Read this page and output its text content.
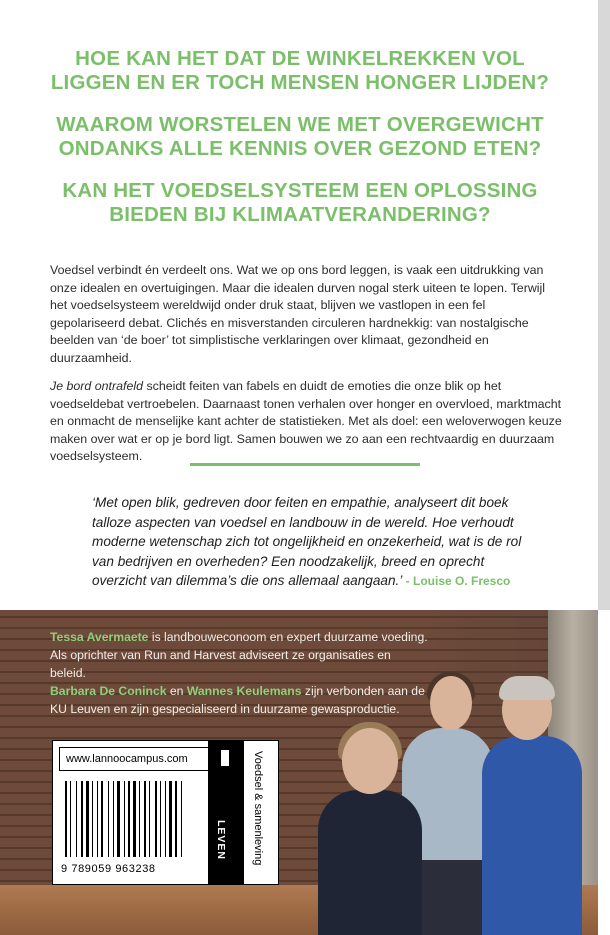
HOE KAN HET DAT DE WINKELREKKEN VOL LIGGEN EN ER TOCH MENSEN HONGER LIJDEN?

WAAROM WORSTELEN WE MET OVERGEWICHT ONDANKS ALLE KENNIS OVER GEZOND ETEN?

KAN HET VOEDSELSYSTEEM EEN OPLOSSING BIEDEN BIJ KLIMAATVERANDERING?

Voedsel verbindt én verdeelt ons. Wat we op ons bord leggen, is vaak een uitdrukking van onze idealen en overtuigingen. Maar die idealen durven nogal sterk uiteen te lopen. Terwijl het voedselsysteem wereldwijd onder druk staat, blijven we vastlopen in een fel gepolariseerd debat. Clichés en misverstanden circuleren hardnekkig: van nostalgische beelden van ‘de boer’ tot simplistische verklaringen over klimaat, gezondheid en duurzaamheid.

Je bord ontrafeld scheidt feiten van fabels en duidt de emoties die onze blik op het voedseldebat vertroebelen. Daarnaast tonen verhalen over honger en overvloed, marktmacht en onmacht de menselijke kant achter de statistieken. Met als doel: een weloverwogen keuze maken over wat er op je bord ligt. Samen bouwen we zo aan een rechtvaardig en duurzaam voedselsysteem.

‘Met open blik, gedreven door feiten en empathie, analyseert dit boek talloze aspecten van voedsel en landbouw in de wereld. Hoe verhoudt moderne wetenschap zich tot ongelijkheid en onzekerheid, wat is de rol van bedrijven en overheden? Een noodzakelijk, breed en oprecht overzicht van dilemma’s die ons allemaal aangaan.’ - Louise O. Fresco
Tessa Avermaete is landbouweconoom en expert duurzame voeding. Als oprichter van Run and Harvest adviseert ze organisaties en beleid.
Barbara De Coninck en Wannes Keulemans zijn verbonden aan de KU Leuven en zijn gespecialiseerd in duurzame gewasproductie.
www.lannoocampus.com
9 789059 963238
LEVEN Voedsel & samenleving
